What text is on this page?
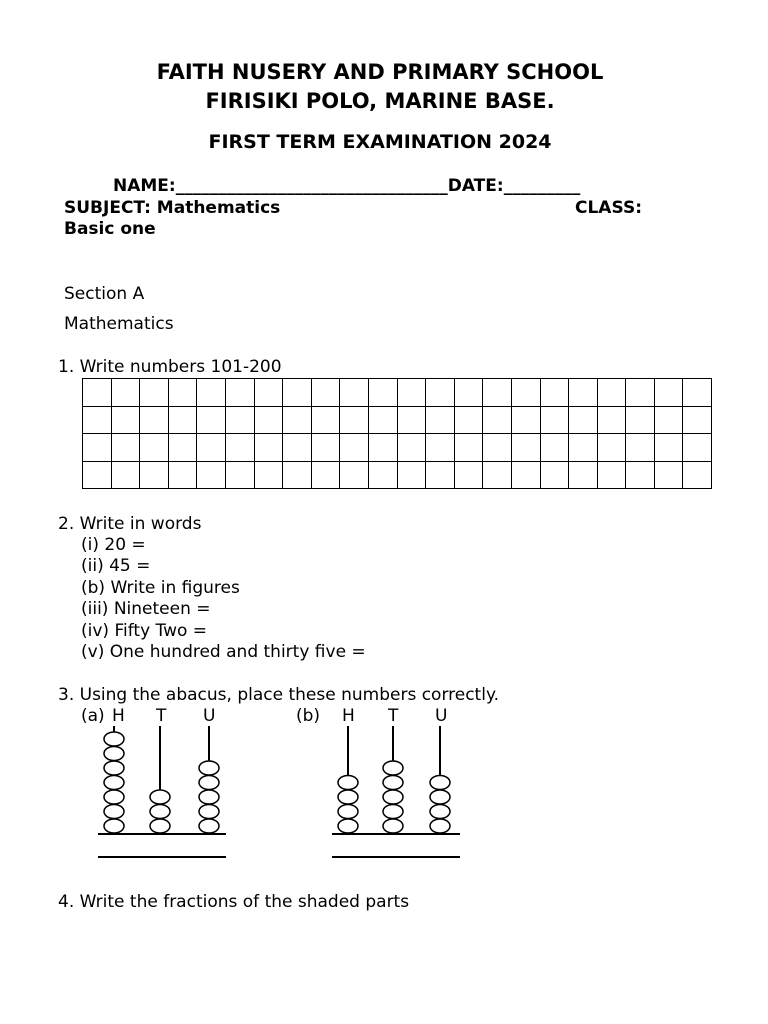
FAITH NUSERY AND PRIMARY SCHOOL
FIRISIKI POLO, MARINE BASE.
FIRST TERM EXAMINATION 2024
NAME:________________________________DATE:_________
SUBJECT: Mathematics	CLASS:
Basic one
Section A
Mathematics
1. Write numbers 101-200

2. Write in words
(i) 20 =
(ii) 45 =
(b) Write in figures
(iii) Nineteen =
(iv) Fifty Two =
(v) One hundred and thirty five =
3. Using the abacus, place these numbers correctly.
(a) H T U	(b) H T U
4. Write the fractions of the shaded parts
